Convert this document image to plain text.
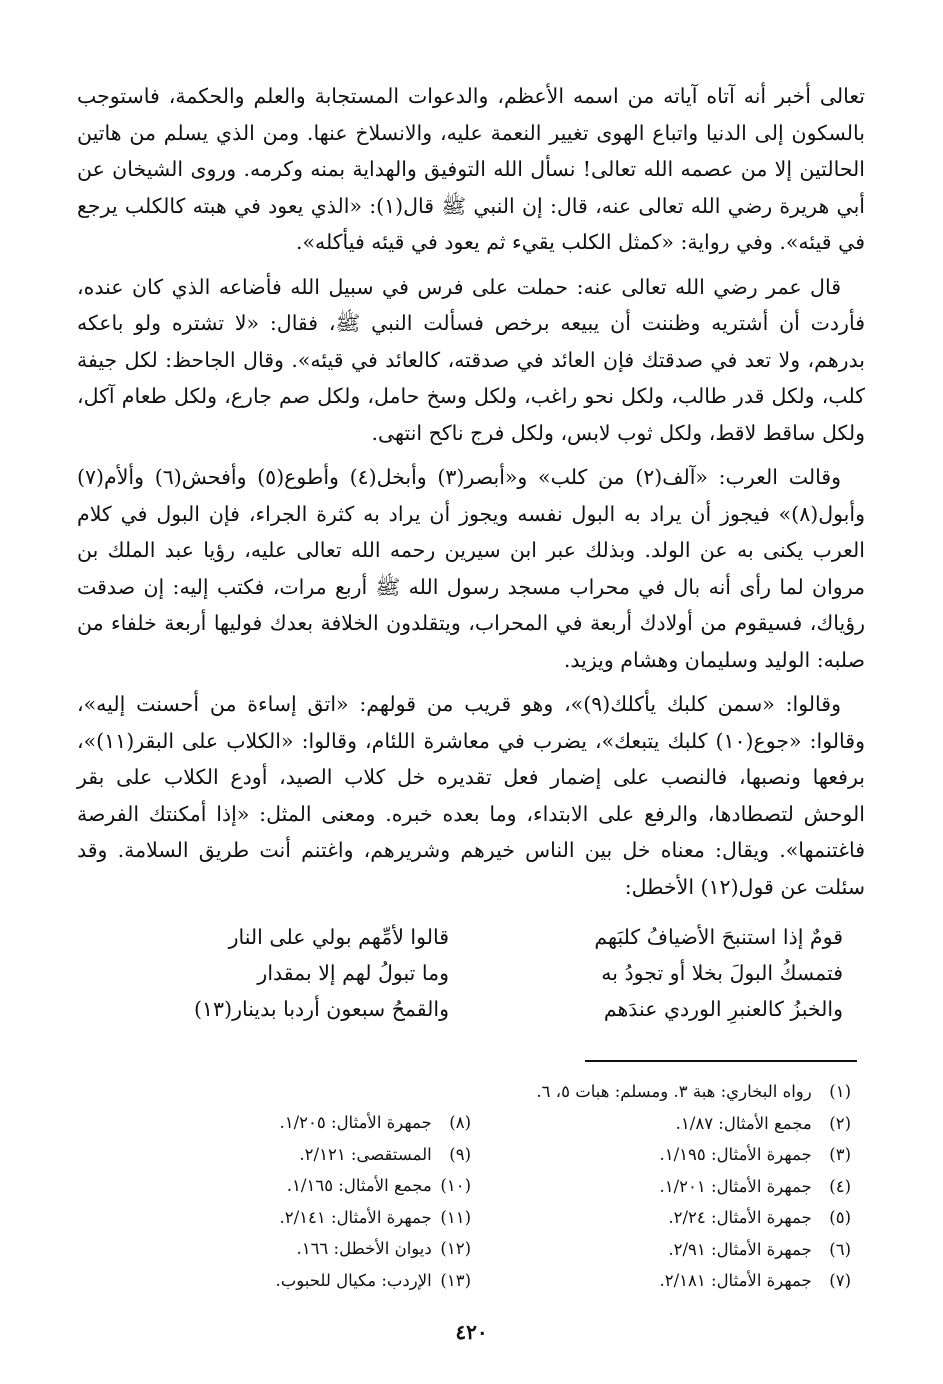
تعالى أخبر أنه آتاه آياته من اسمه الأعظم، والدعوات المستجابة والعلم والحكمة، فاستوجب بالسكون إلى الدنيا واتباع الهوى تغيير النعمة عليه، والانسلاخ عنها. ومن الذي يسلم من هاتين الحالتين إلا من عصمه الله تعالى! نسأل الله التوفيق والهداية بمنه وكرمه. وروى الشيخان عن أبي هريرة رضي الله تعالى عنه، قال: إن النبي ﷺ قال(١): «الذي يعود في هبته كالكلب يرجع في قيئه». وفي رواية: «كمثل الكلب يقيء ثم يعود في قيئه فيأكله».

قال عمر رضي الله تعالى عنه: حملت على فرس في سبيل الله فأضاعه الذي كان عنده، فأردت أن أشتريه وظننت أن يبيعه برخص فسألت النبي ﷺ، فقال: «لا تشتره ولو باعكه بدرهم، ولا تعد في صدقتك فإن العائد في صدقته، كالعائد في قيئه». وقال الجاحظ: لكل جيفة كلب، ولكل قدر طالب، ولكل نحو راغب، ولكل وسخ حامل، ولكل صم جارع، ولكل طعام آكل، ولكل ساقط لاقط، ولكل ثوب لابس، ولكل فرج ناكح انتهى.

وقالت العرب: «آلف(٢) من كلب» و«أبصر(٣) وأبخل(٤) وأطوع(٥) وأفحش(٦) وألأم(٧) وأبول(٨)» فيجوز أن يراد به البول نفسه ويجوز أن يراد به كثرة الجراء، فإن البول في كلام العرب يكنى به عن الولد. وبذلك عبر ابن سيرين رحمه الله تعالى عليه، رؤيا عبد الملك بن مروان لما رأى أنه بال في محراب مسجد رسول الله ﷺ أربع مرات، فكتب إليه: إن صدقت رؤياك، فسيقوم من أولادك أربعة في المحراب، ويتقلدون الخلافة بعدك فوليها أربعة خلفاء من صلبه: الوليد وسليمان وهشام ويزيد.

وقالوا: «سمن كلبك يأكلك(٩)»، وهو قريب من قولهم: «اتق إساءة من أحسنت إليه»، وقالوا: «جوع(١٠) كلبك يتبعك»، يضرب في معاشرة اللئام، وقالوا: «الكلاب على البقر(١١)»، برفعها ونصبها، فالنصب على إضمار فعل تقديره خل كلاب الصيد، أودع الكلاب على بقر الوحش لتصطادها، والرفع على الابتداء، وما بعده خبره. ومعنى المثل: «إذا أمكنتك الفرصة فاغتنمها». ويقال: معناه خل بين الناس خيرهم وشريرهم، واغتنم أنت طريق السلامة. وقد سئلت عن قول(١٢) الأخطل:

قومٌ إذا استنبحَ الأضيافُ كلبَهم
فتمسكُ البولَ بخلا أو تجودُ به
والخبزُ كالعنبرِ الوردي عندَهم
قالوا لأمِّهم بولي على النار
وما تبولُ لهم إلا بمقدار
والقمحُ سبعون أردبا بدينار(١٣)
(١) رواه البخاري: هبة ٣. ومسلم: هبات ٥، ٦.
(٢) مجمع الأمثال: ١/٨٧.
(٣) جمهرة الأمثال: ١/١٩٥.
(٤) جمهرة الأمثال: ١/٢٠١.
(٥) جمهرة الأمثال: ٢/٢٤.
(٦) جمهرة الأمثال: ٢/٩١.
(٧) جمهرة الأمثال: ٢/١٨١.
(٨) جمهرة الأمثال: ١/٢٠٥.
(٩) المستقصى: ٢/١٢١.
(١٠) مجمع الأمثال: ١/١٦٥.
(١١) جمهرة الأمثال: ٢/١٤١.
(١٢) ديوان الأخطل: ١٦٦.
(١٣) الإردب: مكيال للحبوب.
٤٢٠
